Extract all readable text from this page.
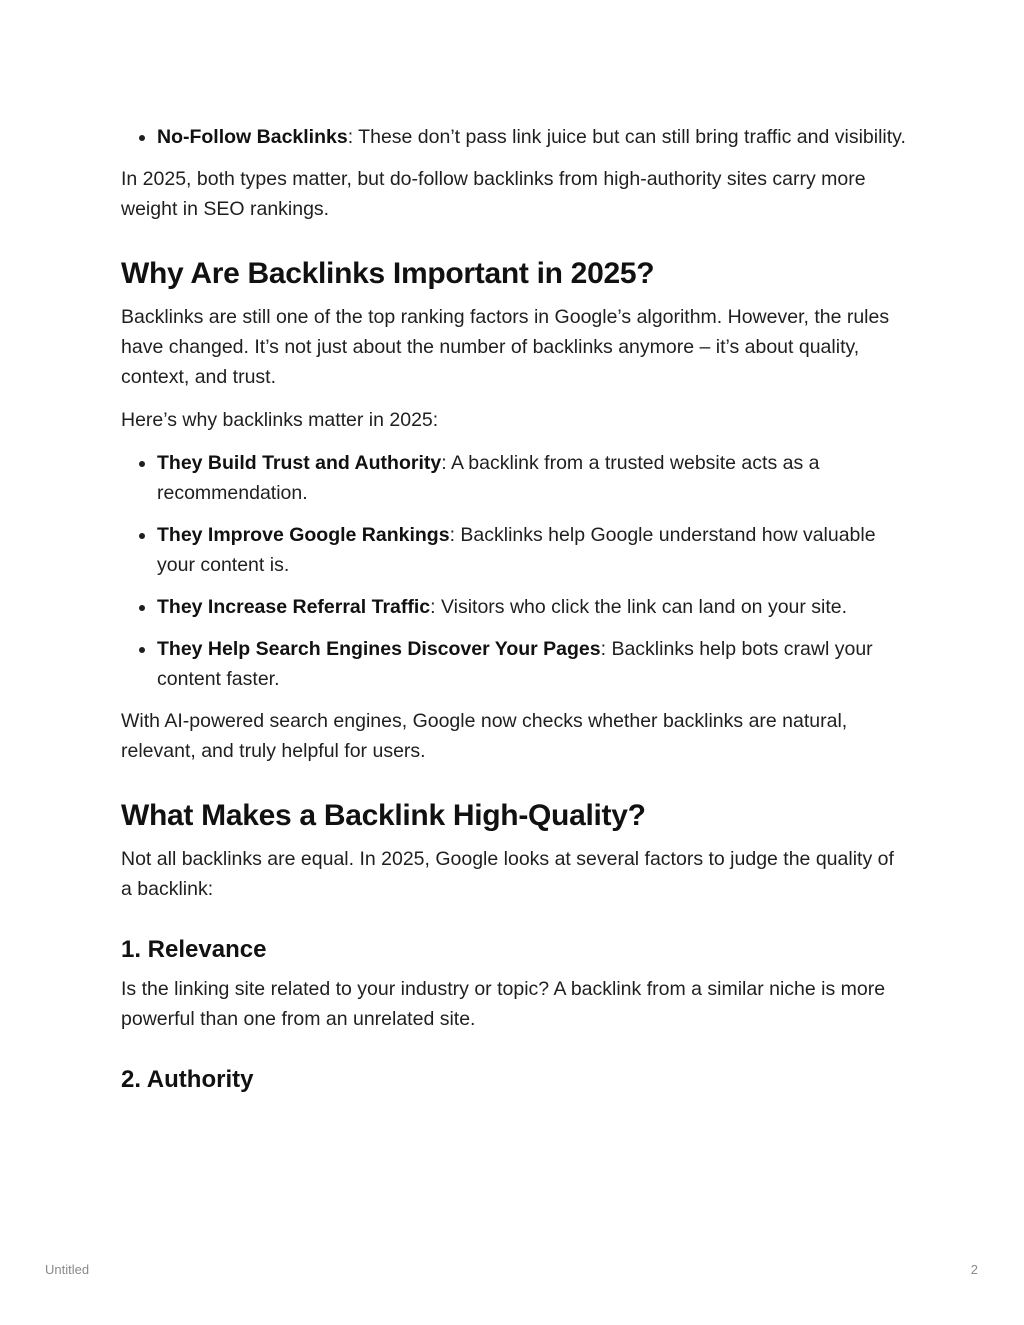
• No-Follow Backlinks: These don’t pass link juice but can still bring traffic and visibility.

In 2025, both types matter, but do-follow backlinks from high-authority sites carry more weight in SEO rankings.

Why Are Backlinks Important in 2025?

Backlinks are still one of the top ranking factors in Google’s algorithm. However, the rules have changed. It’s not just about the number of backlinks anymore – it’s about quality, context, and trust.

Here’s why backlinks matter in 2025:

• They Build Trust and Authority: A backlink from a trusted website acts as a recommendation.
• They Improve Google Rankings: Backlinks help Google understand how valuable your content is.
• They Increase Referral Traffic: Visitors who click the link can land on your site.
• They Help Search Engines Discover Your Pages: Backlinks help bots crawl your content faster.

With AI-powered search engines, Google now checks whether backlinks are natural, relevant, and truly helpful for users.

What Makes a Backlink High-Quality?

Not all backlinks are equal. In 2025, Google looks at several factors to judge the quality of a backlink:

1. Relevance

Is the linking site related to your industry or topic? A backlink from a similar niche is more powerful than one from an unrelated site.

2. Authority
Untitled	2
